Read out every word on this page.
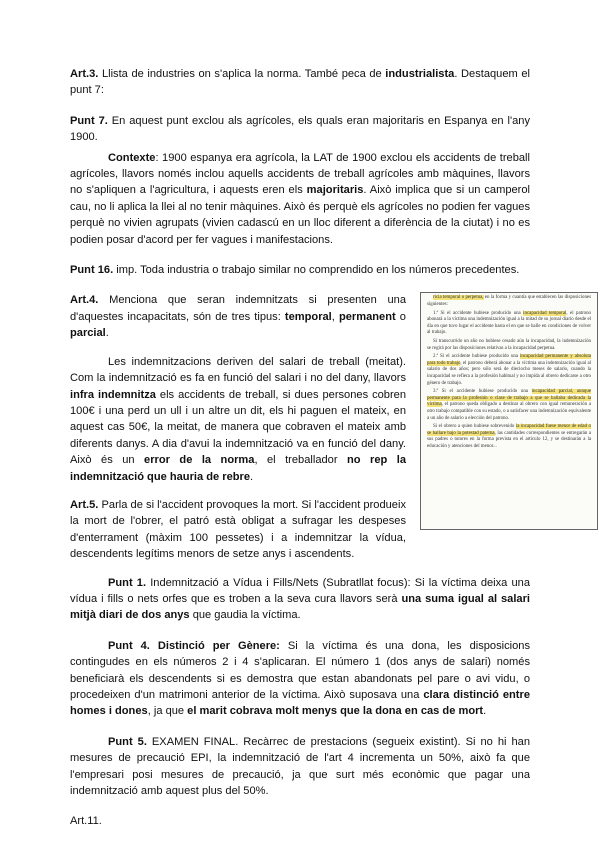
Art.3. Llista de industries on s'aplica la norma. També peca de industrialista. Destaquem el punt 7:

Punt 7. En aquest punt exclou als agrícoles, els quals eran majoritaris en Espanya en l'any 1900.

Contexte: 1900 espanya era agrícola, la LAT de 1900 exclou els accidents de treball agrícoles, llavors només inclou aquells accidents de treball agrícoles amb màquines, llavors no s'apliquen a l'agricultura, i aquests eren els majoritaris. Això implica que si un camperol cau, no li aplica la llei al no tenir màquines. Això és perquè els agrícoles no podien fer vagues perquè no vivien agrupats (vivien cadascú en un lloc diferent a diferència de la ciutat) i no es podien posar d'acord per fer vagues i manifestacions.

Punt 16. imp. Toda industria o trabajo similar no comprendido en los números precedentes.

Art.4. Menciona que seran indemnitzats si presenten una d'aquestes incapacitats, són de tres tipus: temporal, permanent o parcial.

Les indemnitzacions deriven del salari de treball (meitat). Com la indemnització es fa en funció del salari i no del dany, llavors infra indemnitza els accidents de treball, si dues persones cobren 100€ i una perd un ull i un altre un dit, els hi paguen el mateix, en aquest cas 50€, la meitat, de manera que cobraven el mateix amb diferents danys. A dia d'avui la indemnització va en funció del dany. Això és un error de la norma, el treballador no rep la indemnització que hauria de rebre.

Art.5. Parla de si l'accident provoques la mort. Si l'accident produeix la mort de l'obrer, el patró està obligat a sufragar les despeses d'enterrament (màxim 100 pessetes) i a indemnitzar la vídua, descendents legítims menors de setze anys i ascendents.

ricia temporal o perpetua, en la forma y cuantía que establecen las disposiciones siguientes:
1.ª Si el accidente hubiese producido una incapacidad temporal, el patrono abonará a la víctima una indemnización igual a la mitad de su jornal diario desde el día en que tuvo lugar el accidente hasta el en que se halle en condiciones de volver al trabajo.
Si transcurrido un año no hubiese cesado aún la incapacidad, la indemnización se regirá por las disposiciones relativas a la incapacidad perpetua.
2.ª Si el accidente hubiese producido una incapacidad permanente y absoluta para todo trabajo, el patrono deberá abonar a la víctima una indemnización igual al salario de dos años; pero sólo será de dieciocho meses de salario, cuando la incapacidad se refiera a la profesión habitual y no impida al obrero dedicarse a otro género de trabajo.
3.ª Si el accidente hubiese producido una incapacidad parcial, aunque permanente para la profesión o clase de trabajo a que se hallaba dedicada la víctima, el patrono queda obligado a destinar al obrero con igual remuneración a otro trabajo compatible con su estado, o a satisfacer una indemnización equivalente a un año de salario a elección del patrono.
Si el obrero a quien hubiese sobrevenido la incapacidad fuese menor de edad o se hallare bajo la potestad paterna, las cantidades correspondientes se entregarán a sus padres o tutores en la forma prevista en el artículo 12, y se destinarán a la educación y atenciones del menor...

Punt 1. Indemnització a Vídua i Fills/Nets (Subratllat focus): Si la víctima deixa una vídua i fills o nets orfes que es troben a la seva cura llavors serà una suma igual al salari mitjà diari de dos anys que gaudia la víctima.

Punt 4. Distinció per Gènere: Si la víctima és una dona, les disposicions contingudes en els números 2 i 4 s'aplicaran. El número 1 (dos anys de salari) només beneficiarà els descendents si es demostra que estan abandonats pel pare o avi vidu, o procedeixen d'un matrimoni anterior de la víctima. Això suposava una clara distinció entre homes i dones, ja que el marit cobrava molt menys que la dona en cas de mort.

Punt 5. EXAMEN FINAL. Recàrrec de prestacions (segueix existint). Si no hi han mesures de precaució EPI, la indemnització de l'art 4 incrementa un 50%, això fa que l'empresari posi mesures de precaució, ja que surt més econòmic que pagar una indemnització amb aquest plus del 50%.

Art.11.
